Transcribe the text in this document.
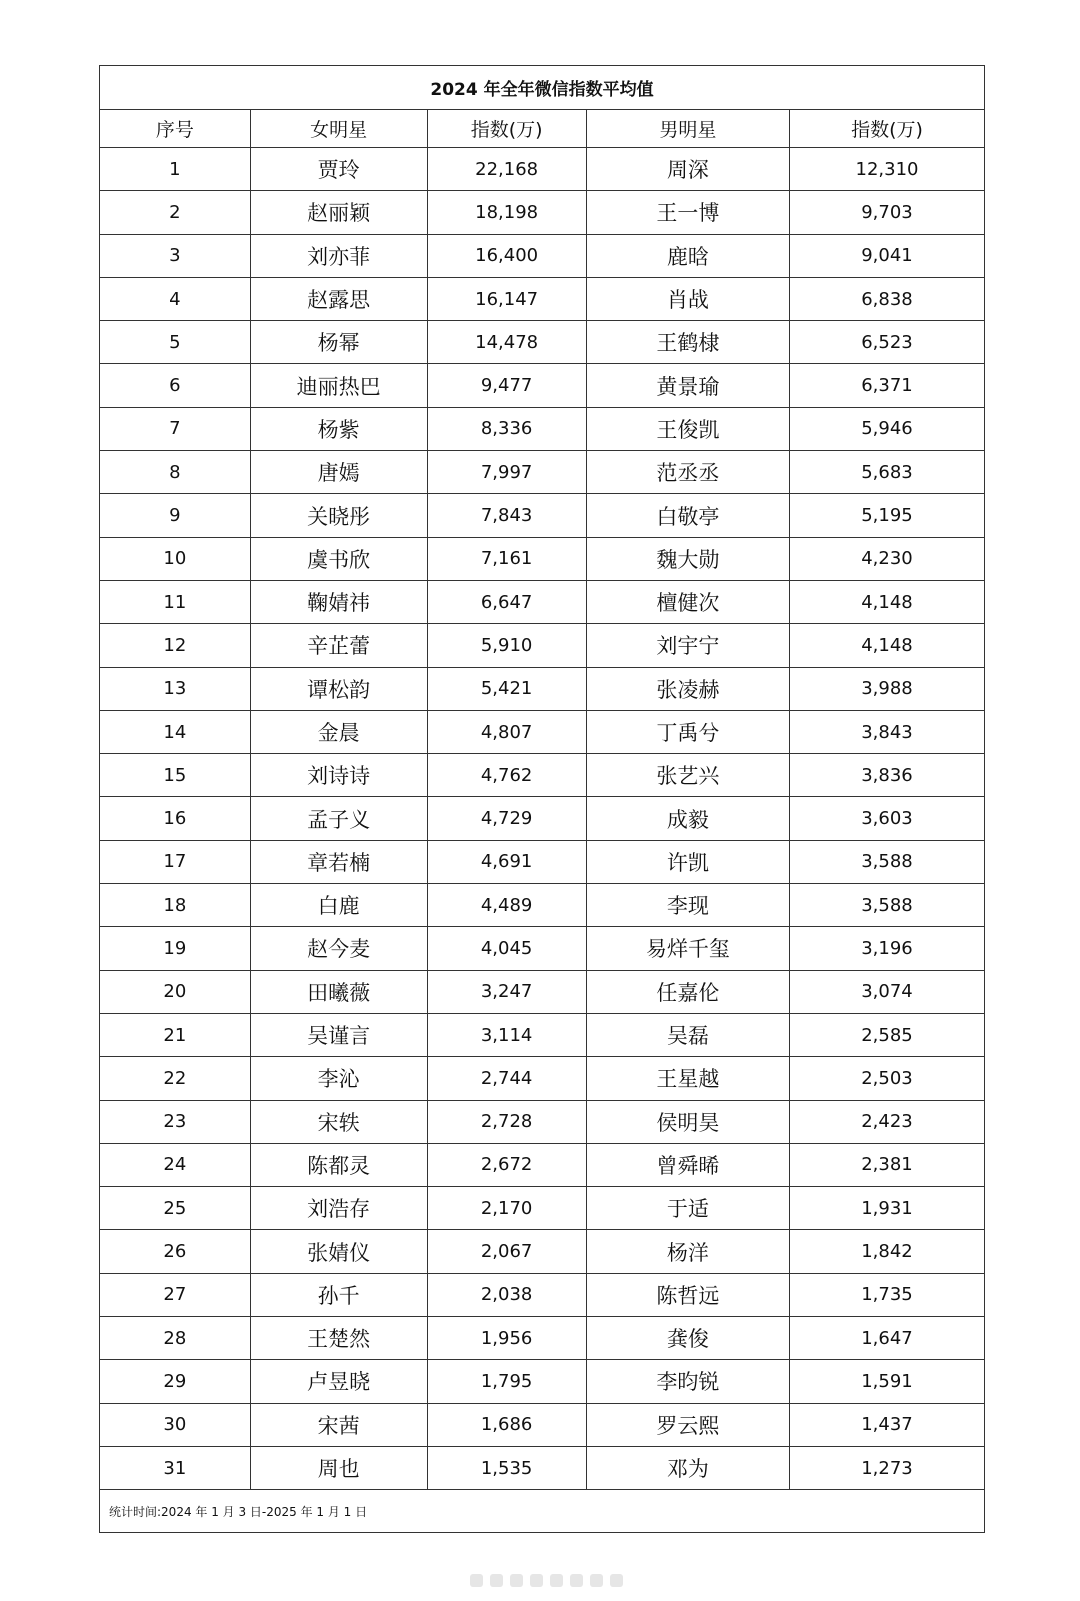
2024 年全年微信指数平均值				
序号	女明星	指数(万)	男明星	指数(万)
1	贾玲	22,168	周深	12,310
2	赵丽颖	18,198	王一博	9,703
3	刘亦菲	16,400	鹿晗	9,041
4	赵露思	16,147	肖战	6,838
5	杨幂	14,478	王鹤棣	6,523
6	迪丽热巴	9,477	黄景瑜	6,371
7	杨紫	8,336	王俊凯	5,946
8	唐嫣	7,997	范丞丞	5,683
9	关晓彤	7,843	白敬亭	5,195
10	虞书欣	7,161	魏大勋	4,230
11	鞠婧祎	6,647	檀健次	4,148
12	辛芷蕾	5,910	刘宇宁	4,148
13	谭松韵	5,421	张凌赫	3,988
14	金晨	4,807	丁禹兮	3,843
15	刘诗诗	4,762	张艺兴	3,836
16	孟子义	4,729	成毅	3,603
17	章若楠	4,691	许凯	3,588
18	白鹿	4,489	李现	3,588
19	赵今麦	4,045	易烊千玺	3,196
20	田曦薇	3,247	任嘉伦	3,074
21	吴谨言	3,114	吴磊	2,585
22	李沁	2,744	王星越	2,503
23	宋轶	2,728	侯明昊	2,423
24	陈都灵	2,672	曾舜晞	2,381
25	刘浩存	2,170	于适	1,931
26	张婧仪	2,067	杨洋	1,842
27	孙千	2,038	陈哲远	1,735
28	王楚然	1,956	龚俊	1,647
29	卢昱晓	1,795	李昀锐	1,591
30	宋茜	1,686	罗云熙	1,437
31	周也	1,535	邓为	1,273
统计时间:2024 年 1 月 3 日-2025 年 1 月 1 日				
